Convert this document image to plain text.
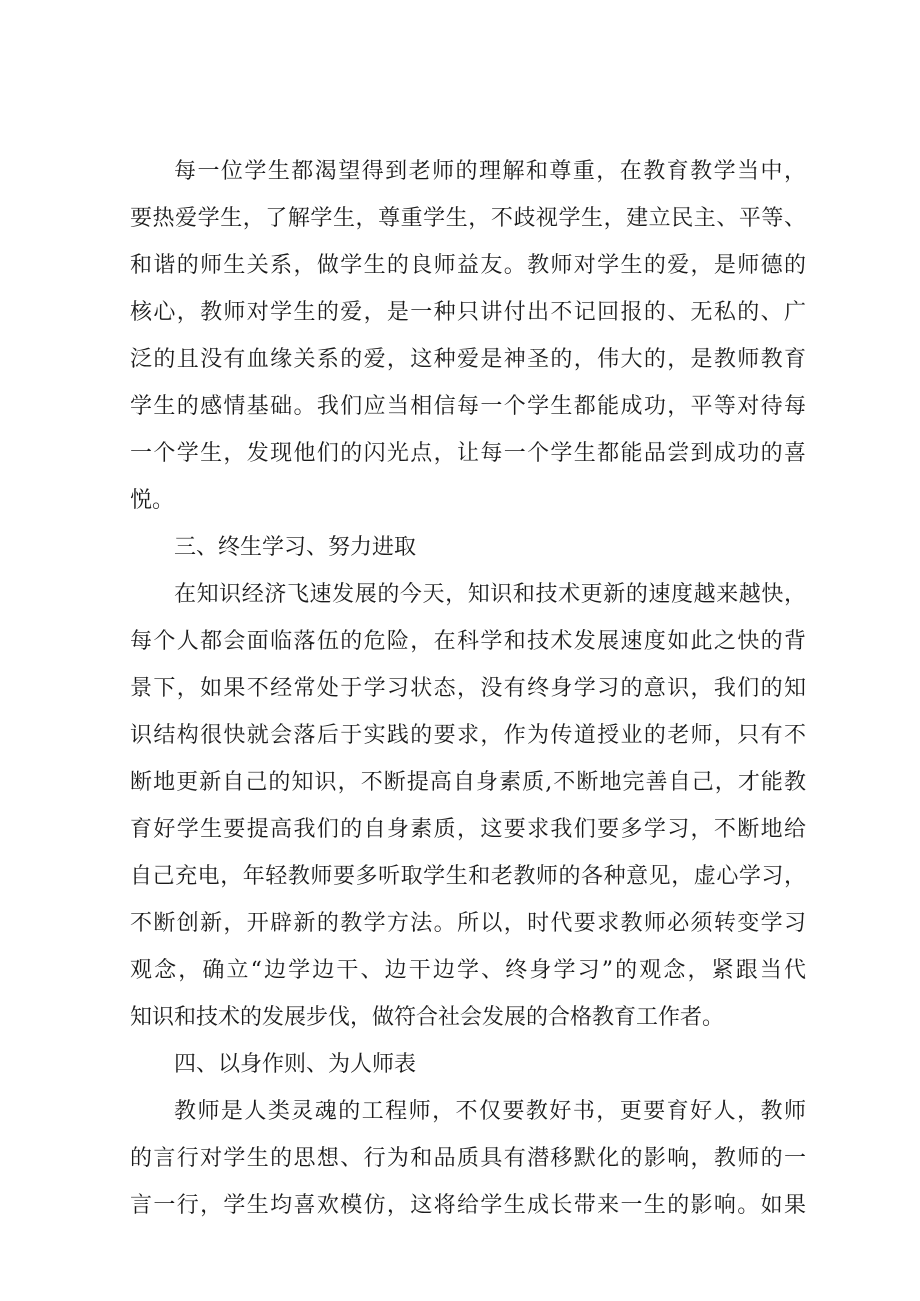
每一位学生都渴望得到老师的理解和尊重，在教育教学当中，
要热爱学生，了解学生，尊重学生，不歧视学生，建立民主、平等、
和谐的师生关系，做学生的良师益友。教师对学生的爱，是师德的
核心，教师对学生的爱，是一种只讲付出不记回报的、无私的、广
泛的且没有血缘关系的爱，这种爱是神圣的，伟大的，是教师教育
学生的感情基础。我们应当相信每一个学生都能成功，平等对待每
一个学生，发现他们的闪光点，让每一个学生都能品尝到成功的喜
悦。
三、终生学习、努力进取
在知识经济飞速发展的今天，知识和技术更新的速度越来越快，
每个人都会面临落伍的危险，在科学和技术发展速度如此之快的背
景下，如果不经常处于学习状态，没有终身学习的意识，我们的知
识结构很快就会落后于实践的要求，作为传道授业的老师，只有不
断地更新自己的知识，不断提高自身素质,不断地完善自己，才能教
育好学生要提高我们的自身素质，这要求我们要多学习，不断地给
自己充电，年轻教师要多听取学生和老教师的各种意见，虚心学习，
不断创新，开辟新的教学方法。所以，时代要求教师必须转变学习
观念，确立“边学边干、边干边学、终身学习”的观念，紧跟当代
知识和技术的发展步伐，做符合社会发展的合格教育工作者。
四、以身作则、为人师表
教师是人类灵魂的工程师，不仅要教好书，更要育好人，教师
的言行对学生的思想、行为和品质具有潜移默化的影响，教师的一
言一行，学生均喜欢模仿，这将给学生成长带来一生的影响。如果
